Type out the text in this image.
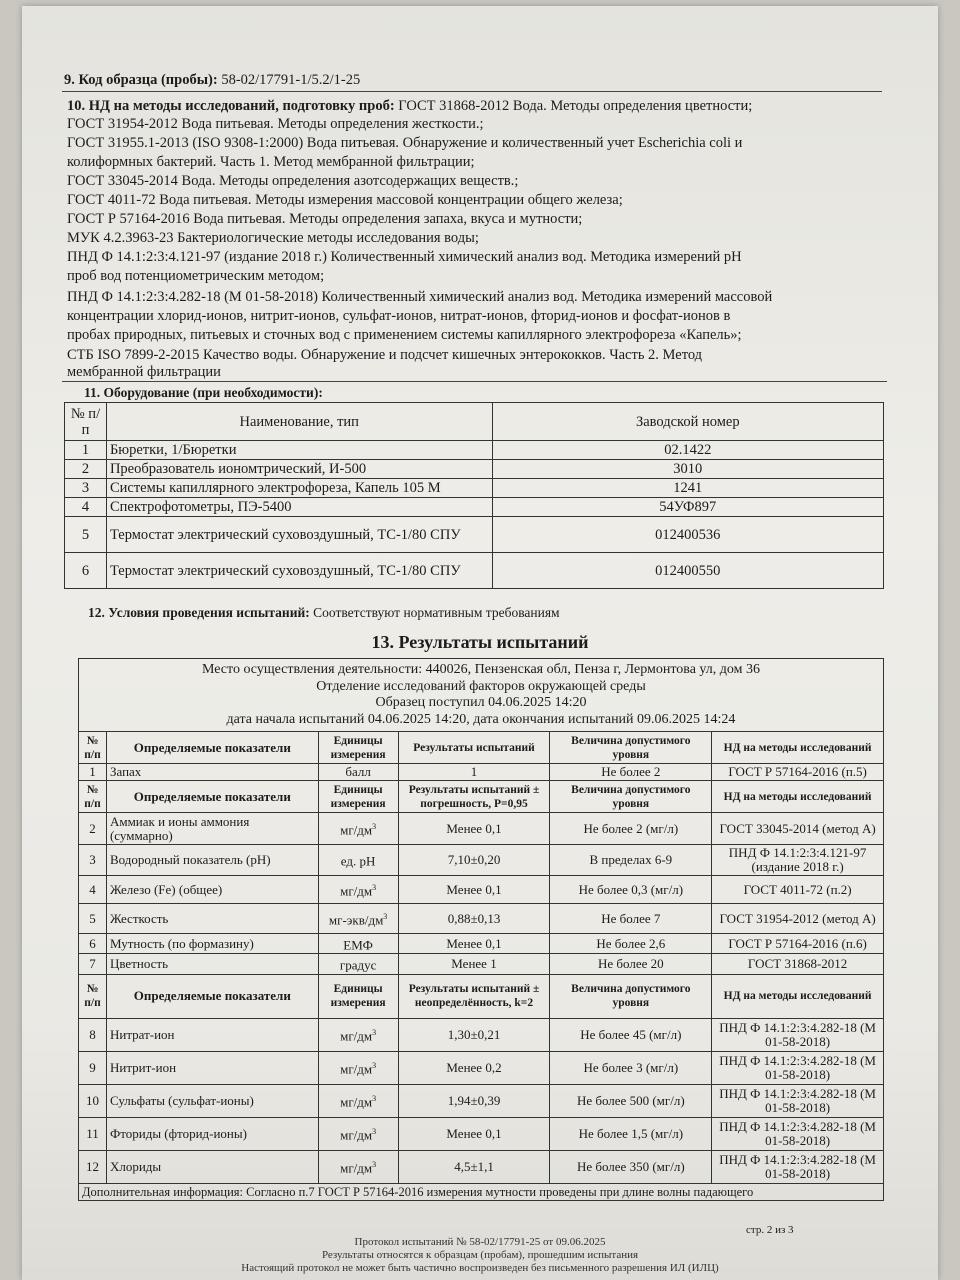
9. Код образца (пробы): 58-02/17791-1/5.2/1-25
10. НД на методы исследований, подготовку проб: ГОСТ 31868-2012 Вода. Методы определения цветности;
ГОСТ 31954-2012 Вода питьевая. Методы определения жесткости.;
ГОСТ 31955.1-2013 (ISO 9308-1:2000) Вода питьевая. Обнаружение и количественный учет Escherichia coli и
колиформных бактерий. Часть 1. Метод мембранной фильтрации;
ГОСТ 33045-2014 Вода. Методы определения азотсодержащих веществ.;
ГОСТ 4011-72 Вода питьевая. Методы измерения массовой концентрации общего железа;
ГОСТ Р 57164-2016 Вода питьевая. Методы определения запаха, вкуса и мутности;
МУК 4.2.3963-23 Бактериологические методы исследования воды;
ПНД Ф 14.1:2:3:4.121-97 (издание 2018 г.) Количественный химический анализ вод. Методика измерений pH
проб вод потенциометрическим методом;
ПНД Ф 14.1:2:3:4.282-18 (М 01-58-2018) Количественный химический анализ вод. Методика измерений массовой
концентрации хлорид-ионов, нитрит-ионов, сульфат-ионов, нитрат-ионов, фторид-ионов и фосфат-ионов в
пробах природных, питьевых и сточных вод с применением системы капиллярного электрофореза «Капель»;
СТБ ISO 7899-2-2015 Качество воды. Обнаружение и подсчет кишечных энтерококков. Часть 2. Метод
мембранной фильтрации
11. Оборудование (при необходимости):
№ п/п	Наименование, тип	Заводской номер
1	Бюретки, 1/Бюретки	02.1422
2	Преобразователь иономтрический, И-500	3010
3	Системы капиллярного электрофореза, Капель 105 М	1241
4	Спектрофотометры, ПЭ-5400	54УФ897
5	Термостат электрический суховоздушный, ТС-1/80 СПУ	012400536
6	Термостат электрический суховоздушный, ТС-1/80 СПУ	012400550
12. Условия проведения испытаний: Соответствуют нормативным требованиям
13. Результаты испытаний
Место осуществления деятельности: 440026, Пензенская обл, Пенза г, Лермонтова ул, дом 36
Отделение исследований факторов окружающей среды
Образец поступил 04.06.2025 14:20
дата начала испытаний 04.06.2025 14:20, дата окончания испытаний 09.06.2025 14:24					

№ п/п	Определяемые показатели	Единицы измерения	Результаты испытаний	Величина допустимого уровня	НД на методы исследований
1	Запах	балл	1	Не более 2	ГОСТ Р 57164-2016 (п.5)
№ п/п	Определяемые показатели	Единицы измерения	Результаты испытаний ± погрешность, P=0,95	Величина допустимого уровня	НД на методы исследований
2	Аммиак и ионы аммония (суммарно)	$мг/дм^3$	Менее 0,1	Не более 2 (мг/л)	ГОСТ 33045-2014 (метод А)
3	Водородный показатель (pH)	ед. pH	7,10±0,20	В пределах 6-9	ПНД Ф 14.1:2:3:4.121-97 (издание 2018 г.)
4	Железо (Fe) (общее)	$мг/дм^3$	Менее 0,1	Не более 0,3 (мг/л)	ГОСТ 4011-72 (п.2)
5	Жесткость	$мг-экв/дм^3$	0,88±0,13	Не более 7	ГОСТ 31954-2012 (метод А)
6	Мутность (по формазину)	ЕМФ	Менее 0,1	Не более 2,6	ГОСТ Р 57164-2016 (п.6)
7	Цветность	градус	Менее 1	Не более 20	ГОСТ 31868-2012
№ п/п	Определяемые показатели	Единицы измерения	Результаты испытаний ± неопределённость, k=2	Величина допустимого уровня	НД на методы исследований
8	Нитрат-ион	$мг/дм^3$	1,30±0,21	Не более 45 (мг/л)	ПНД Ф 14.1:2:3:4.282-18 (М 01-58-2018)
9	Нитрит-ион	$мг/дм^3$	Менее 0,2	Не более 3 (мг/л)	ПНД Ф 14.1:2:3:4.282-18 (М 01-58-2018)
10	Сульфаты (сульфат-ионы)	$мг/дм^3$	1,94±0,39	Не более 500 (мг/л)	ПНД Ф 14.1:2:3:4.282-18 (М 01-58-2018)
11	Фториды (фторид-ионы)	$мг/дм^3$	Менее 0,1	Не более 1,5 (мг/л)	ПНД Ф 14.1:2:3:4.282-18 (М 01-58-2018)
12	Хлориды	$мг/дм^3$	4,5±1,1	Не более 350 (мг/л)	ПНД Ф 14.1:2:3:4.282-18 (М 01-58-2018)
Дополнительная информация: Согласно п.7 ГОСТ Р 57164-2016 измерения мутности проведены при длине волны падающего					
стр. 2 из 3
Протокол испытаний № 58-02/17791-25 от 09.06.2025
Результаты относятся к образцам (пробам), прошедшим испытания
Настоящий протокол не может быть частично воспроизведен без письменного разрешения ИЛ (ИЛЦ)
